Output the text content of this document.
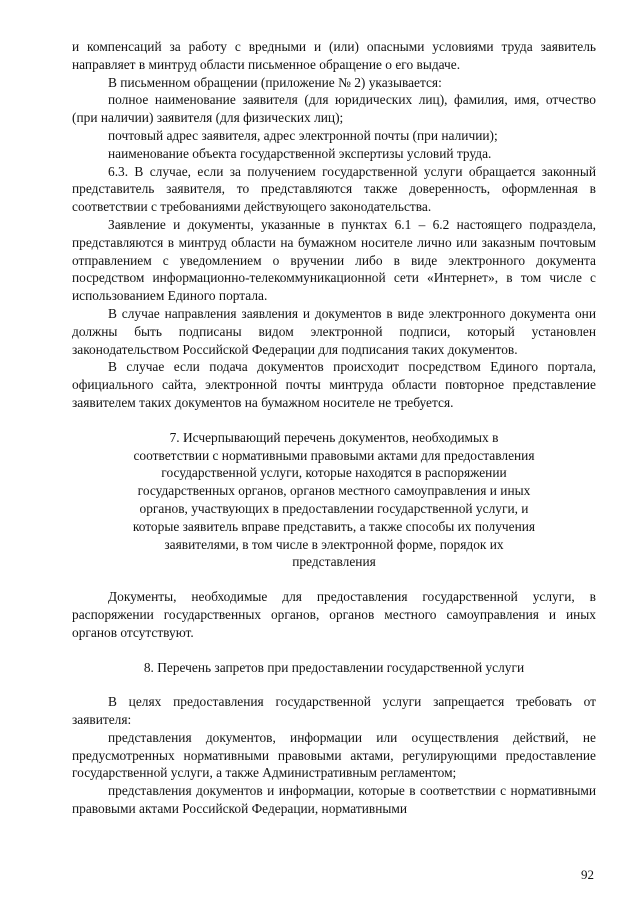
и компенсаций за работу с вредными и (или) опасными условиями труда заявитель направляет в минтруд области письменное обращение о его выдаче.

В письменном обращении (приложение № 2) указывается:

полное наименование заявителя (для юридических лиц), фамилия, имя, отчество (при наличии) заявителя (для физических лиц);

почтовый адрес заявителя, адрес электронной почты (при наличии);

наименование объекта государственной экспертизы условий труда.

6.3. В случае, если за получением государственной услуги обращается законный представитель заявителя, то представляются также доверенность, оформленная в соответствии с требованиями действующего законодательства.

Заявление и документы, указанные в пунктах 6.1 – 6.2 настоящего подраздела, представляются в минтруд области на бумажном носителе лично или заказным почтовым отправлением с уведомлением о вручении либо в виде электронного документа посредством информационно-телекоммуникационной сети «Интернет», в том числе с использованием Единого портала.

В случае направления заявления и документов в виде электронного документа они должны быть подписаны видом электронной подписи, который установлен законодательством Российской Федерации для подписания таких документов.

В случае если подача документов происходит посредством Единого портала, официального сайта, электронной почты минтруда области повторное представление заявителем таких документов на бумажном носителе не требуется.

7. Исчерпывающий перечень документов, необходимых в соответствии с нормативными правовыми актами для предоставления государственной услуги, которые находятся в распоряжении государственных органов, органов местного самоуправления и иных органов, участвующих в предоставлении государственной услуги, и которые заявитель вправе представить, а также способы их получения заявителями, в том числе в электронной форме, порядок их представления

Документы, необходимые для предоставления государственной услуги, в распоряжении государственных органов, органов местного самоуправления и иных органов отсутствуют.

8. Перечень запретов при предоставлении государственной услуги

В целях предоставления государственной услуги запрещается требовать от заявителя:

представления документов, информации или осуществления действий, не предусмотренных нормативными правовыми актами, регулирующими предоставление государственной услуги, а также Административным регламентом;

представления документов и информации, которые в соответствии с нормативными правовыми актами Российской Федерации, нормативными

92
